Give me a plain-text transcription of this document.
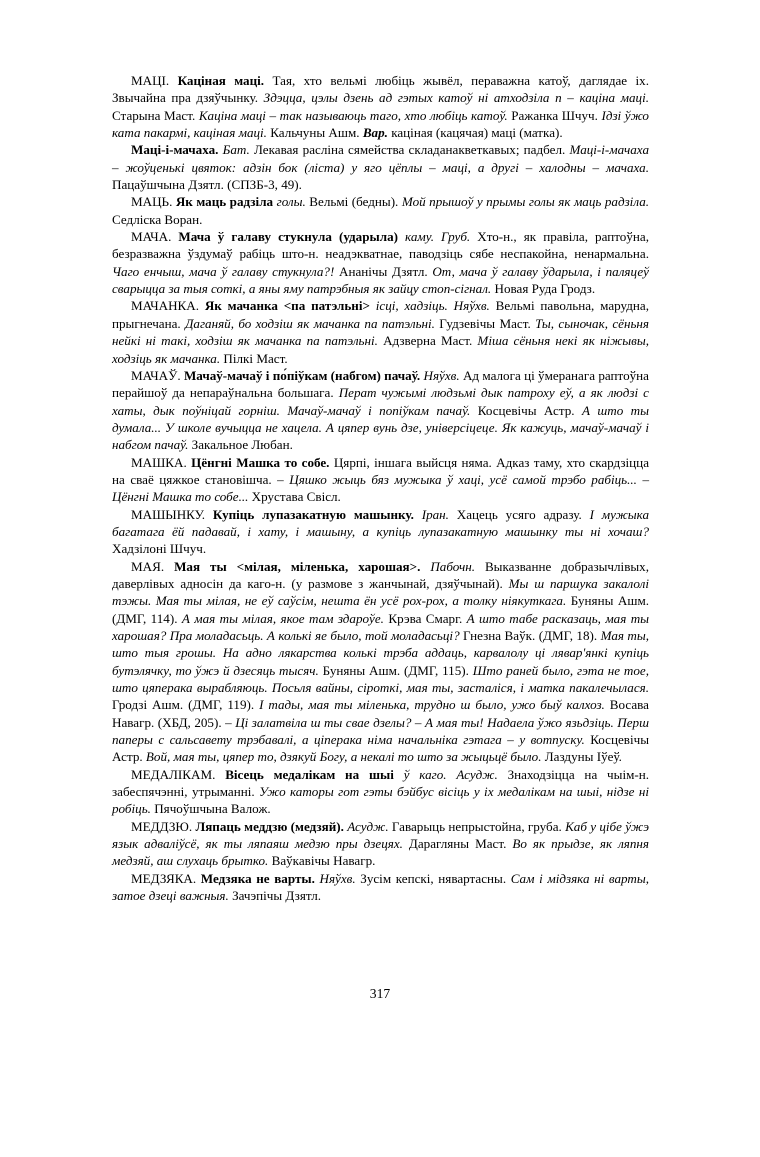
МАЦІ. Каціная маці. Тая, хто вельмі любіць жывёл, пераважна катоў, даглядае іх. Звычайна пра дзяўчынку. Здэцца, цэлы дзень ад гэтых катоў ні атходзіла п – каціна маці. Старына Маст. Каціна маці – так называюць таго, хто любіць катоў. Ражанка Шчуч. Ідзі ўжо ката пакармі, каціная маці. Кальчуны Ашм. Вар. каціная (кацячая) маці (матка).

Маці-і-мачаха. Бат. Лекавая расліна сямейства складанакветкавых; падбел. Маці-і-мачаха – жоўценькі цвяток: адзін бок (ліста) у яго цёплы – маці, а другі – халодны – мачаха. Пацаўшчына Дзятл. (СПЗБ-3, 49).

МАЦЬ. Як маць радзіла голы. Вельмі (бедны). Мой прышоў у прымы голы як маць радзіла. Седліска Воран.

МАЧА. Мача ў галаву стукнула (ударыла) каму. Груб. Хто-н., як правіла, раптоўна, безразважна ўздумаў рабіць што-н. неадэкватнае, паводзіць сябе неспакойна, ненармальна. Чаго енчыш, мача ў галаву стукнула?! Ананічы Дзятл. От, мача ў галаву ўдарыла, і паляцеў сварыцца за тыя соткі, а яны яму патрэбныя як зайцу стоп-сігнал. Новая Руда Гродз.

МАЧАНКА. Як мачанка <па патэльні> ісці, хадзіць. Няўхв. Вельмі павольна, марудна, прыгнечана. Даганяй, бо ходзіш як мачанка па патэльні. Гудзевічы Маст. Ты, сыночак, сёньня нейкі ні такі, ходзіш як мачанка па патэльні. Адзверна Маст. Міша сёньня некі як ніжывы, ходзіць як мачанка. Пілкі Маст.

МАЧАЎ. Мачаў-мачаў і по́піўкам (набгом) пачаў. Няўхв. Ад малога ці ўмеранага раптоўна перайшоў да непараўнальна большага. Перат чужымі людзьмі дык патроху еў, а як людзі с хаты, дык поўніцай горніш. Мачаў-мачаў і попіўкам пачаў. Косцевічы Астр. А што ты думала... У школе вучыцца не хацела. А цяпер вунь дзе, універсіцеце. Як кажуць, мачаў-мачаў і набгом пачаў. Закальное Любан.

МАШКА. Цёнгні Машка то собе. Цярпі, іншага выйсця няма. Адказ таму, хто скардзіцца на сваё цяжкое становішча. – Цяшко жыць бяз мужыка ў хаці, усё самой трэбо рабіць... – Цёнгні Машка то собе... Хрустава Свісл.

МАШЫНКУ. Купіць лупазакатную машынку. Іран. Хацець усяго адразу. І мужыка багатага ёй падавай, і хату, і машыну, а купіць лупазакатную машынку ты ні хочаш? Хадзілоні Шчуч.

МАЯ. Мая ты <мілая, міленька, харошая>. Пабочн. Выказванне добразычлівых, даверлівых адносін да каго-н. (у размове з жанчынай, дзяўчынай). Мы ш паршука закалолі тэжы. Мая ты мілая, не еў саўсім, нешта ён усё рох-рох, а толку ніякуткага. Буняны Ашм. (ДМГ, 114). А мая ты мілая, якое там здароўе. Крэва Смарг. А што табе расказаць, мая ты харошая? Пра моладасьць. А колькі яе было, той моладасьці? Гнезна Ваўк. (ДМГ, 18). Мая ты, што тыя грошы. На адно лякарства колькі трэба аддаць, карвалолу ці лявар'янкі купіць бутэлячку, то ўжэ й дзесяць тысяч. Буняны Ашм. (ДМГ, 115). Што раней было, гэта не тое, што цяперака вырабляюць. Посьля вайны, сіроткі, мая ты, засталіся, і матка пакалечылася. Гродзі Ашм. (ДМГ, 119). І тады, мая ты міленька, трудно ш было, ужо быў калхоз. Восава Навагр. (ХБД, 205). – Ці залатвіла ш ты свае дзелы? – А мая ты! Надаела ўжо язьдзіць. Перш паперы с сальсавету трэбавалі, а ціперака німа начальніка гэтага – у вотпуску. Косцевічы Астр. Вой, мая ты, цяпер то, дзякуй Богу, а некалі то што за жыцьцё было. Лаздуны Іўеў.

МЕДАЛІКАМ. Вісець медалікам на шыі ў каго. Асудж. Знаходзіцца на чыім-н. забеспячэнні, утрыманні. Ужо каторы гот гэты бэйбус вісіць у іх медалікам на шыі, нідзе ні робіць. Пячоўшчына Валож.

МЕДДЗЮ. Ляпаць меддзю (медзяй). Асудж. Гаварыць непрыстойна, груба. Каб у цібе ўжэ язык адваліўсё, як ты ляпаяш медзю пры дзецях. Дарагляны Маст. Во як прыдзе, як ляпня медзяй, аш слухаць брытко. Ваўкавічы Навагр.

МЕДЗЯКА. Медзяка не варты. Няўхв. Зусім кепскі, нявартасны. Сам і мідзяка ні варты, затое дзеці важныя. Зачэпічы Дзятл.

317
